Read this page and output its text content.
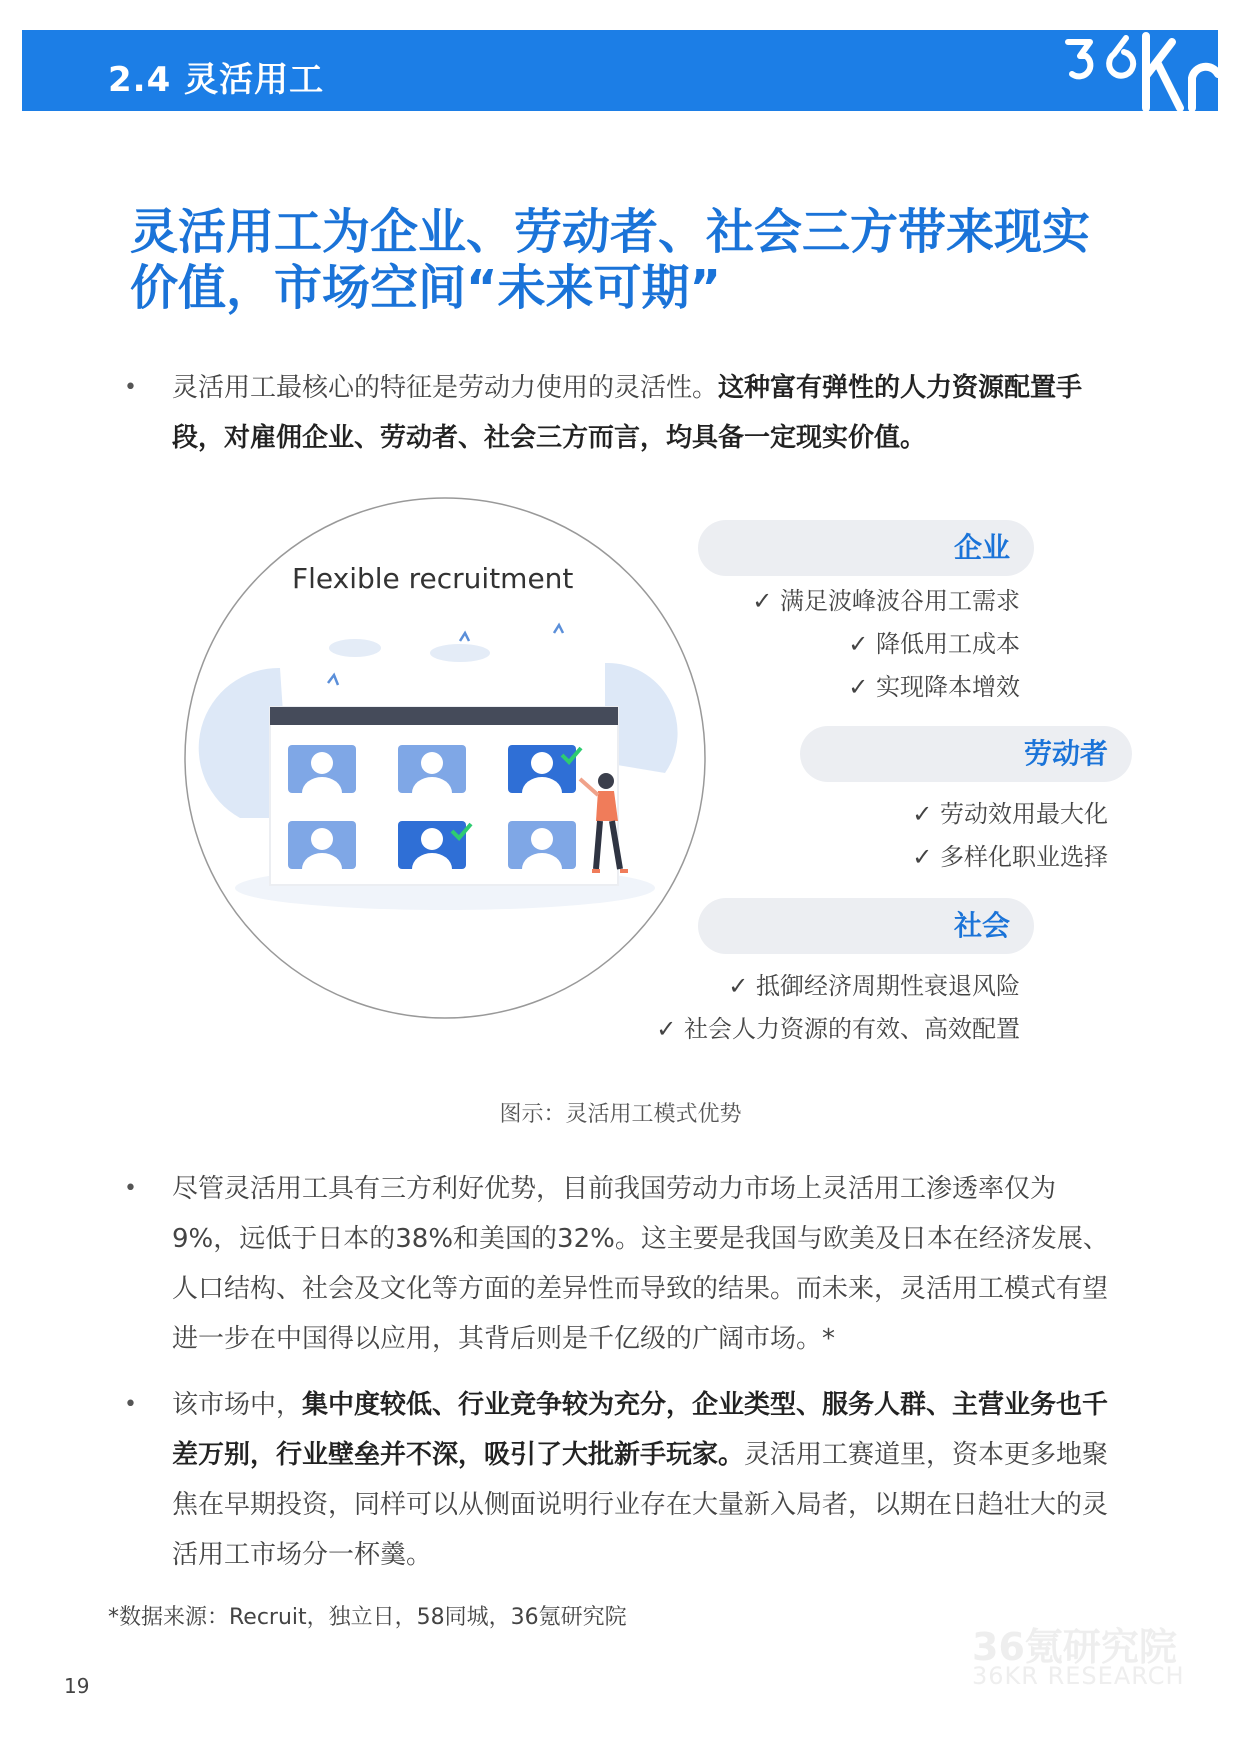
2.4 灵活用工
灵活用工为企业、劳动者、社会三方带来现实
价值，市场空间“未来可期”
• 灵活用工最核心的特征是劳动力使用的灵活性。这种富有弹性的人力资源配置手段，对雇佣企业、劳动者、社会三方而言，均具备一定现实价值。
Flexible recruitment
企业
✓ 满足波峰波谷用工需求
✓ 降低用工成本
✓ 实现降本增效
劳动者
✓ 劳动效用最大化
✓ 多样化职业选择
社会
✓ 抵御经济周期性衰退风险
✓ 社会人力资源的有效、高效配置
图示：灵活用工模式优势
• 尽管灵活用工具有三方利好优势，目前我国劳动力市场上灵活用工渗透率仅为9%，远低于日本的38%和美国的32%。这主要是我国与欧美及日本在经济发展、人口结构、社会及文化等方面的差异性而导致的结果。而未来，灵活用工模式有望进一步在中国得以应用，其背后则是千亿级的广阔市场。*
• 该市场中，集中度较低、行业竞争较为充分，企业类型、服务人群、主营业务也千差万别，行业壁垒并不深，吸引了大批新手玩家。灵活用工赛道里，资本更多地聚焦在早期投资，同样可以从侧面说明行业存在大量新入局者，以期在日趋壮大的灵活用工市场分一杯羹。
*数据来源：Recruit，独立日，58同城，36氪研究院
36氪研究院
36KR RESEARCH
19
